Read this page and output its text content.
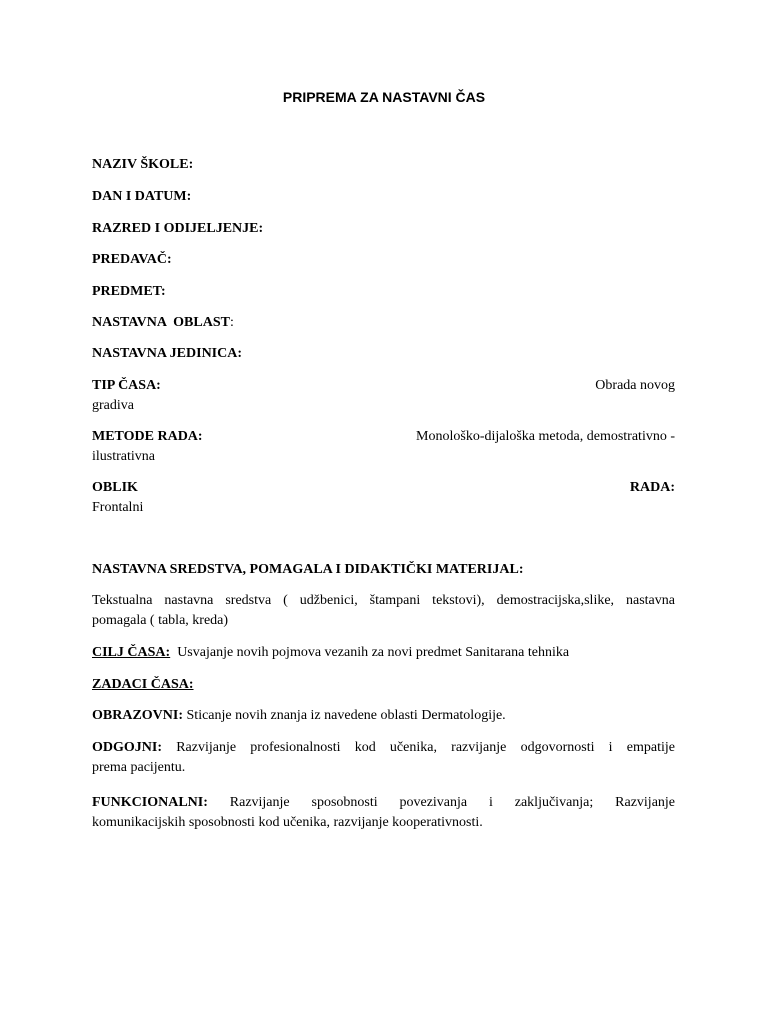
PRIPREMA ZA NASTAVNI ČAS
NAZIV ŠKOLE:
DAN I DATUM:
RAZRED I ODIJELJENJE:
PREDAVAČ:
PREDMET:
NASTAVNA  OBLAST:
NASTAVNA JEDINICA:
TIP ČASA:	Obrada novog
gradiva
METODE RADA:	Monološko-dijaloška metoda, demostrativno -
ilustrativna
OBLIK	RADA:
Frontalni
NASTAVNA SREDSTVA, POMAGALA I DIDAKTIČKI MATERIJAL:
Tekstualna nastavna sredstva ( udžbenici, štampani tekstovi), demostracijska,slike, nastavna
pomagala ( tabla, kreda)
CILJ ČASA: Usvajanje novih pojmova vezanih za novi predmet Sanitarana tehnika
ZADACI ČASA:
OBRAZOVNI: Sticanje novih znanja iz navedene oblasti Dermatologije.
ODGOJNI: Razvijanje profesionalnosti kod učenika, razvijanje odgovornosti i empatije
prema pacijentu.
FUNKCIONALNI: Razvijanje sposobnosti povezivanja i zaključivanja; Razvijanje
komunikacijskih sposobnosti kod učenika, razvijanje kooperativnosti.
